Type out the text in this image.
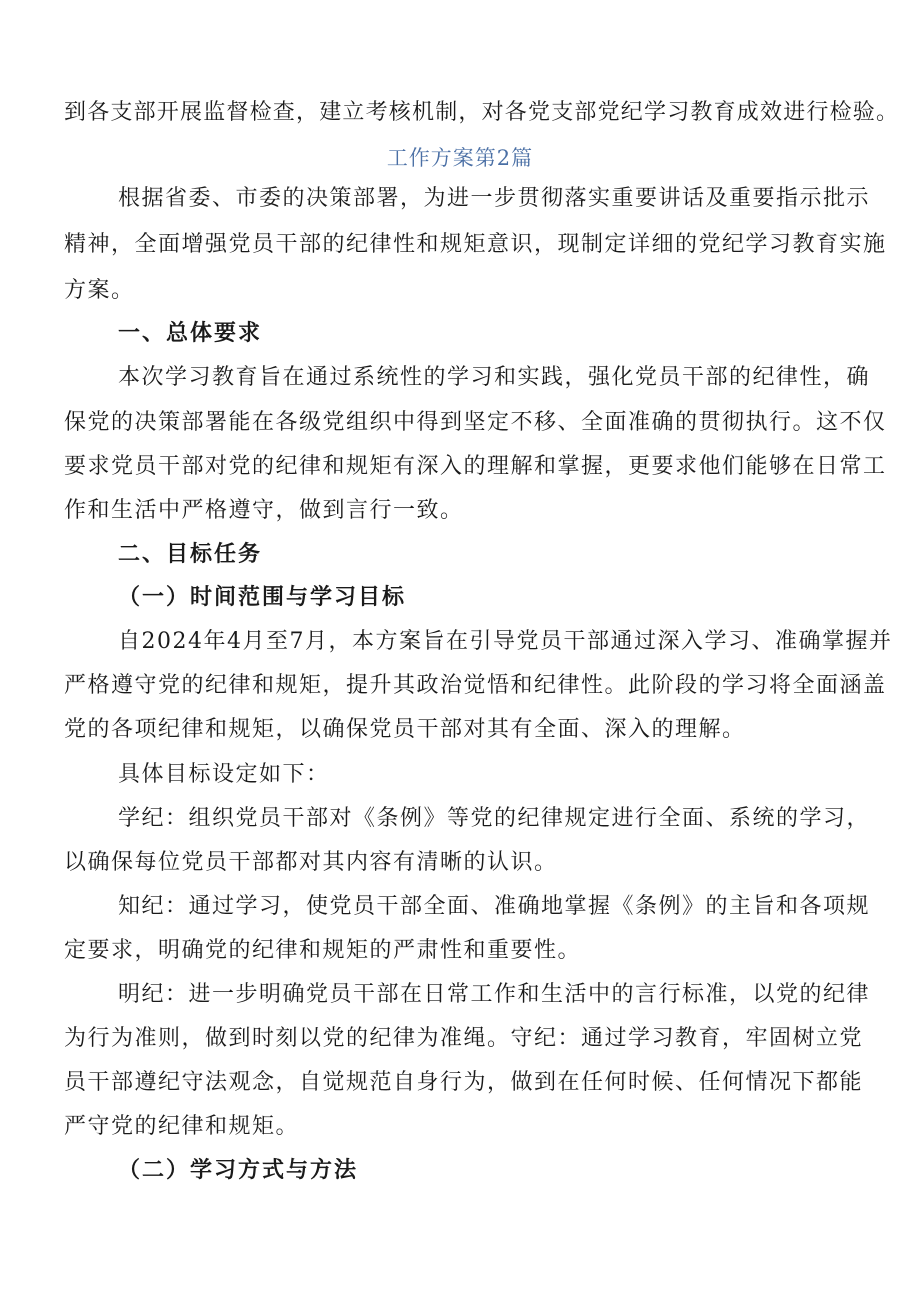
到各支部开展监督检查，建立考核机制，对各党支部党纪学习教育成效进行检验。
工作方案第2篇
根据省委、市委的决策部署，为进一步贯彻落实重要讲话及重要指示批示
精神，全面增强党员干部的纪律性和规矩意识，现制定详细的党纪学习教育实施
方案。
一、总体要求
本次学习教育旨在通过系统性的学习和实践，强化党员干部的纪律性，确
保党的决策部署能在各级党组织中得到坚定不移、全面准确的贯彻执行。这不仅
要求党员干部对党的纪律和规矩有深入的理解和掌握，更要求他们能够在日常工
作和生活中严格遵守，做到言行一致。
二、目标任务
（一）时间范围与学习目标
自2024年4月至7月，本方案旨在引导党员干部通过深入学习、准确掌握并
严格遵守党的纪律和规矩，提升其政治觉悟和纪律性。此阶段的学习将全面涵盖
党的各项纪律和规矩，以确保党员干部对其有全面、深入的理解。
具体目标设定如下：
学纪：组织党员干部对《条例》等党的纪律规定进行全面、系统的学习，
以确保每位党员干部都对其内容有清晰的认识。
知纪：通过学习，使党员干部全面、准确地掌握《条例》的主旨和各项规
定要求，明确党的纪律和规矩的严肃性和重要性。
明纪：进一步明确党员干部在日常工作和生活中的言行标准，以党的纪律
为行为准则，做到时刻以党的纪律为准绳。守纪：通过学习教育，牢固树立党
员干部遵纪守法观念，自觉规范自身行为，做到在任何时候、任何情况下都能
严守党的纪律和规矩。
（二）学习方式与方法
